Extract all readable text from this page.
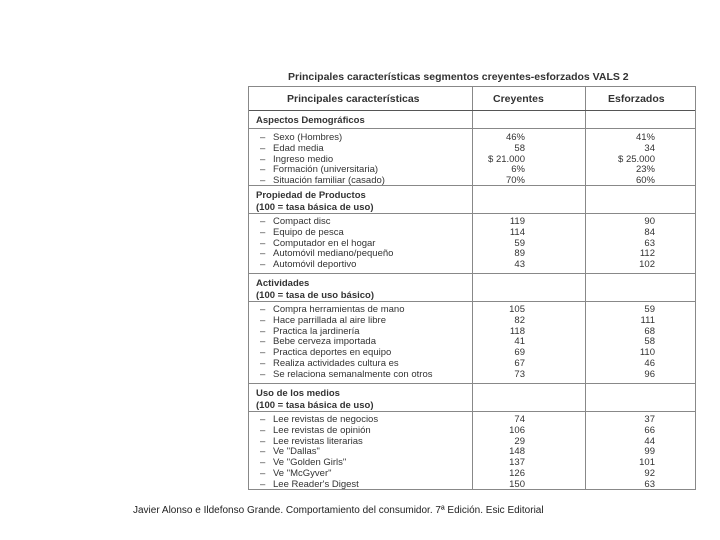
Principales características segmentos creyentes-esforzados VALS 2
Principales características	Creyentes	Esforzados
Aspectos Demográficos
– Sexo (Hombres)	46%	41%
– Edad media	58	34
– Ingreso medio	$ 21.000	$ 25.000
– Formación (universitaria)	6%	23%
– Situación familiar (casado)	70%	60%
Propiedad de Productos
(100 = tasa básica de uso)
– Compact disc	119	90
– Equipo de pesca	114	84
– Computador en el hogar	59	63
– Automóvil mediano/pequeño	89	112
– Automóvil deportivo	43	102
Actividades
(100 = tasa de uso básico)
– Compra herramientas de mano	105	59
– Hace parrillada al aire libre	82	111
– Practica la jardinería	118	68
– Bebe cerveza importada	41	58
– Practica deportes en equipo	69	110
– Realiza actividades cultura es	67	46
– Se relaciona semanalmente con otros	73	96
Uso de los medios
(100 = tasa básica de uso)
– Lee revistas de negocios	74	37
– Lee revistas de opinión	106	66
– Lee revistas literarias	29	44
– Ve "Dallas"	148	99
– Ve "Golden Girls"	137	101
– Ve "McGyver"	126	92
– Lee Reader's Digest	150	63
Javier Alonso e Ildefonso Grande. Comportamiento del consumidor. 7ª Edición. Esic Editorial
